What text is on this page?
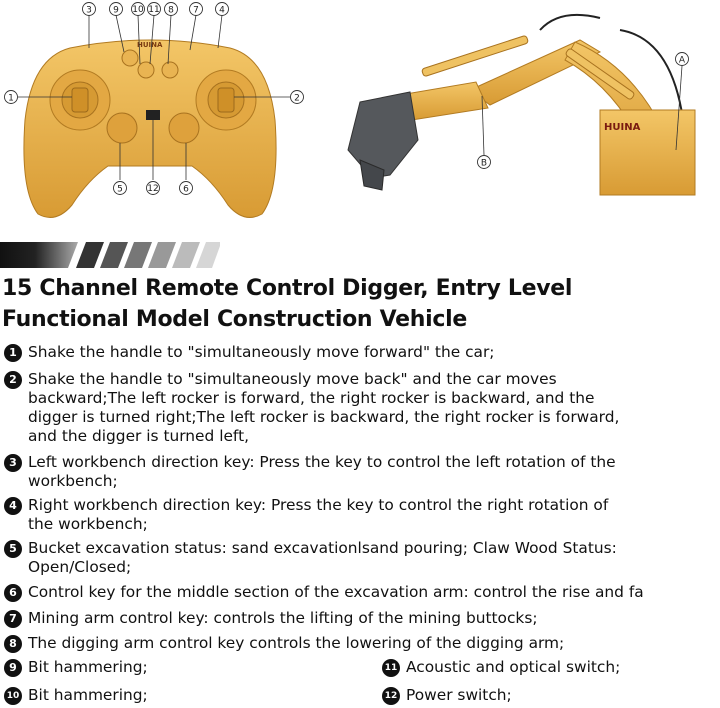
HUINA
3 9 10 11 8 7 4
1	2
5	12	6
HUINA
A
B
15 Channel Remote Control Digger, Entry Level
Functional Model Construction Vehicle
1 Shake the handle to "simultaneously move forward" the car;
2 Shake the handle to "simultaneously move back" and the car moves
backward;The left rocker is forward, the right rocker is backward, and the
digger is turned right;The left rocker is backward, the right rocker is forward,
and the digger is turned left,
3 Left workbench direction key: Press the key to control the left rotation of the
workbench;
4 Right workbench direction key: Press the key to control the right rotation of
the workbench;
5 Bucket excavation status: sand excavationlsand pouring; Claw Wood Status:
Open/Closed;
6 Control key for the middle section of the excavation arm: control the rise and fa
7 Mining arm control key: controls the lifting of the mining buttocks;
8 The digging arm control key controls the lowering of the digging arm;
9 Bit hammering;
10 Bit hammering;
11 Acoustic and optical switch;
12 Power switch;
